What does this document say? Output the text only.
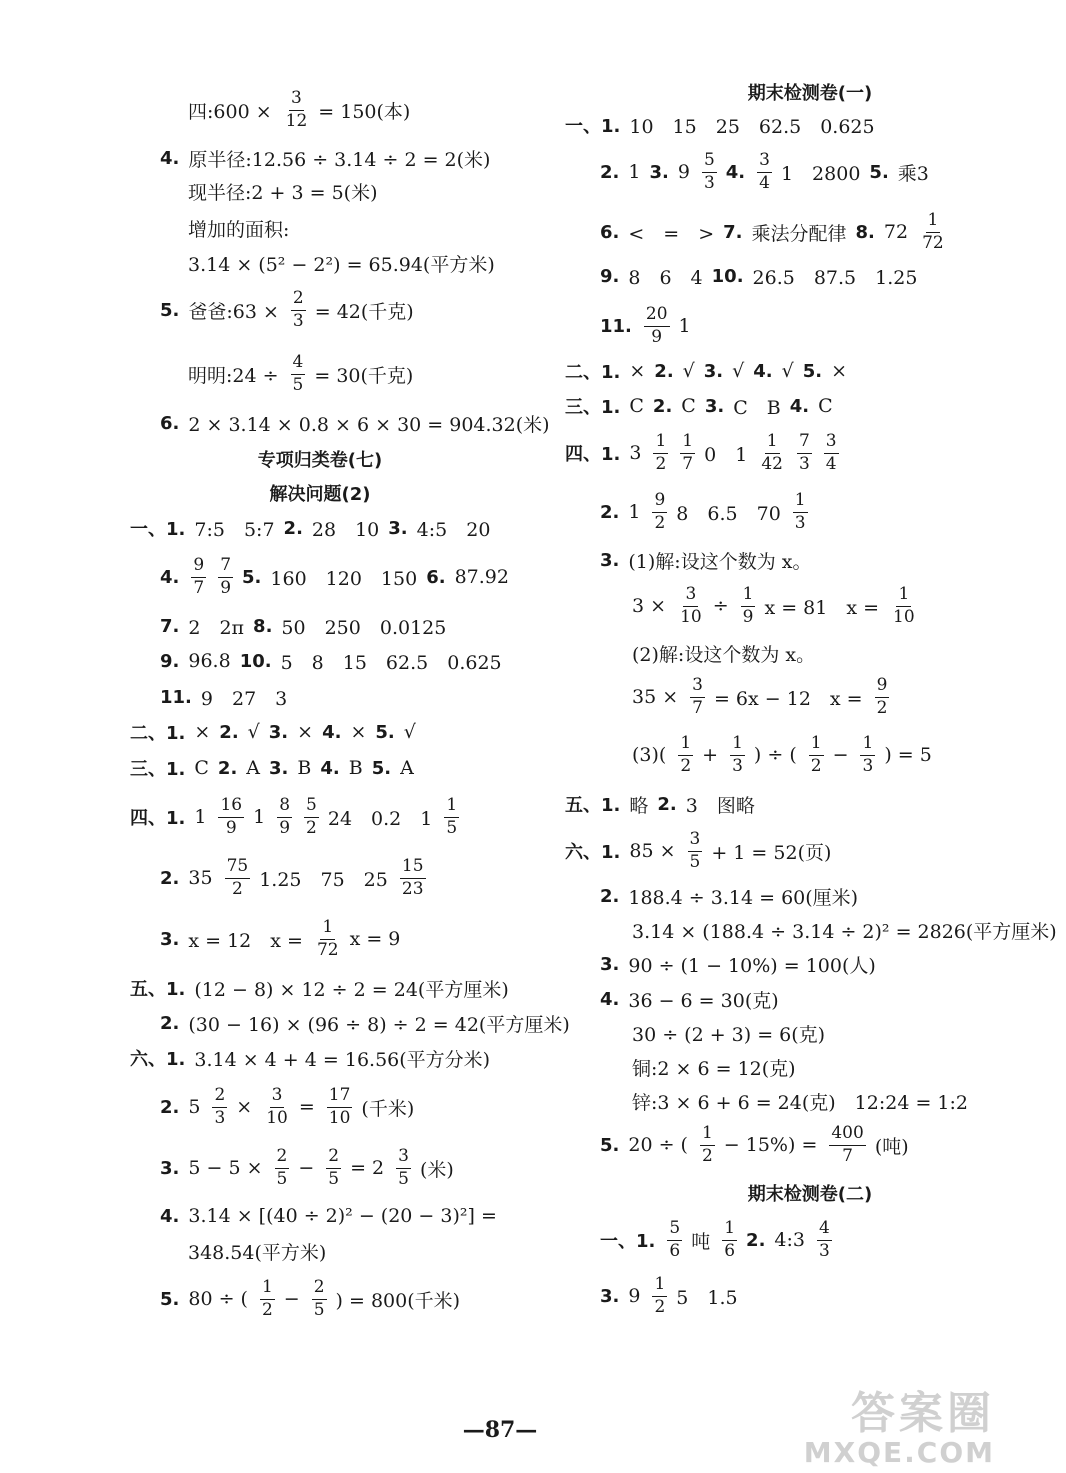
四:600 × $\frac{3}{12} = 150$(本)
4. 原半径:12.56 ÷ 3.14 ÷ 2 = 2(米)
现半径:2 + 3 = 5(米)
增加的面积:
3.14 × (5² − 2²) = 65.94(平方米)
5. 爸爸:63 × $\frac{2}{3} = 42$(千克)
明明:24 ÷ $\frac{4}{5} = 30$(千克)
6. 2 × 3.14 × 0.8 × 6 × 30 = 904.32(米)
专项归类卷(七)
解决问题(2)
一、1. 7:5　5:7 2. 28　10 3. 4:5　20
4. $\frac{9}{7} \frac{7}{9} 5$. 160　120　150 6. 87.92
7. 2　2π 8. 50　250　0.0125
9. 96.8 10. 5　8　15　62.5　0.625
11. 9　27　3
二、1. × 2. √ 3. × 4. × 5. √
三、1. C 2. A 3. B 4. B 5. A
四、1. $1 \frac{16}{9} 1 \frac{8}{9} \frac{5}{2} 24$　0.2　$1 \frac{1}{5}$
2. $35 \frac{75}{2} 1.25$　75　$25 \frac{15}{23}$
3. x = 12　$x = \frac{1}{72}$ x = 9
五、1. (12 − 8) × 12 ÷ 2 = 24(平方厘米)
2. (30 − 16) × (96 ÷ 8) ÷ 2 = 42(平方厘米)
六、1. 3.14 × 4 + 4 = 16.56(平方分米)
2. $5 \frac{2}{3} \times \frac{3}{10} = \frac{17}{10}$ (千米)
3. $5 - 5 \times \frac{2}{5} - \frac{2}{5} = 2 \frac{3}{5}$ (米)
4. 3.14 × [(40 ÷ 2)² − (20 − 3)²] =
348.54(平方米)
5. 80 ÷ ( $\frac{1}{2} - \frac{2}{5}$ ) = 800(千米)
期末检测卷(一)
一、1. 10　15　25　62.5　0.625
2. 1 3. $9 \frac{5}{3} 4$. $\frac{3}{4} 1$　2800 5. 乘3
6. <　=　> 7. 乘法分配律 8. $72 \frac{1}{72}$
9. 8　6　4 10. 26.5　87.5　1.25
11. $\frac{20}{9} 1$
二、1. × 2. √ 3. √ 4. √ 5. ×
三、1. C 2. C 3. C　B 4. C
四、1. $3 \frac{1}{2} \frac{1}{7} 0$　$1 \frac{1}{42} \frac{7}{3} \frac{3}{4}$
2. $1 \frac{9}{2} 8$　6.5　$70 \frac{1}{3}$
3. (1)解:设这个数为 x。
$3 \times \frac{3}{10} \div \frac{1}{9}$ x = 81　$x = \frac{1}{10}$
(2)解:设这个数为 x。
$35 \times \frac{3}{7} = 6x - 12$　$x = \frac{9}{2}$
$(3)( \frac{1}{2} + \frac{1}{3}$ ) ÷ ( $\frac{1}{2} - \frac{1}{3}$ ) = 5
五、1. 略 2. 3　图略
六、1. $85 \times \frac{3}{5} + 1 = 52$(页)
2. 188.4 ÷ 3.14 = 60(厘米)
3.14 × (188.4 ÷ 3.14 ÷ 2)² = 2826(平方厘米)
3. 90 ÷ (1 − 10%) = 100(人)
4. 36 − 6 = 30(克)
30 ÷ (2 + 3) = 6(克)
铜:2 × 6 = 12(克)
锌:3 × 6 + 6 = 24(克)　12:24 = 1:2
5. 20 ÷ ( $\frac{1}{2} - 15\%) = \frac{400}{7}$ (吨)
期末检测卷(二)
一、1. $\frac{5}{6}$ 吨 $\frac{1}{6} 2$. 4:3 $\frac{4}{3}$
3. $9 \frac{1}{2} 5$　1.5
—87—	答案圈
MXQE.COM
